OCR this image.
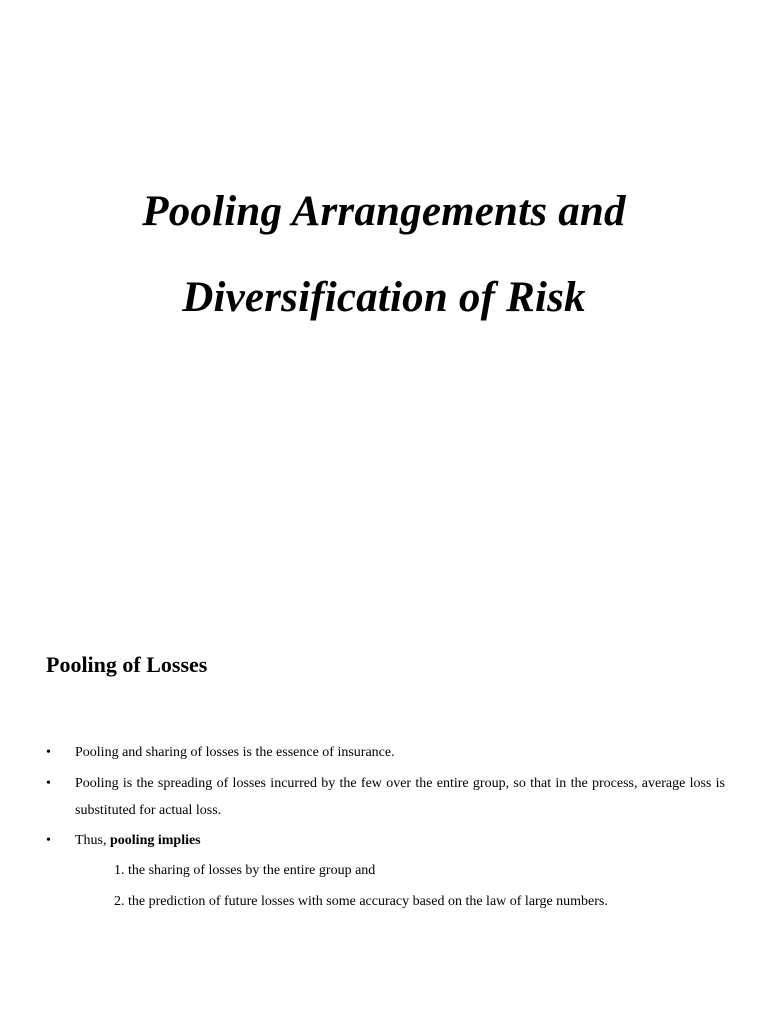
Pooling Arrangements and
Diversification of Risk
Pooling of Losses
• Pooling and sharing of losses is the essence of insurance.

• Pooling is the spreading of losses incurred by the few over the entire group, so that in the process, average loss is substituted for actual loss.

• Thus, pooling implies

1. the sharing of losses by the entire group and

2. the prediction of future losses with some accuracy based on the law of large numbers.
